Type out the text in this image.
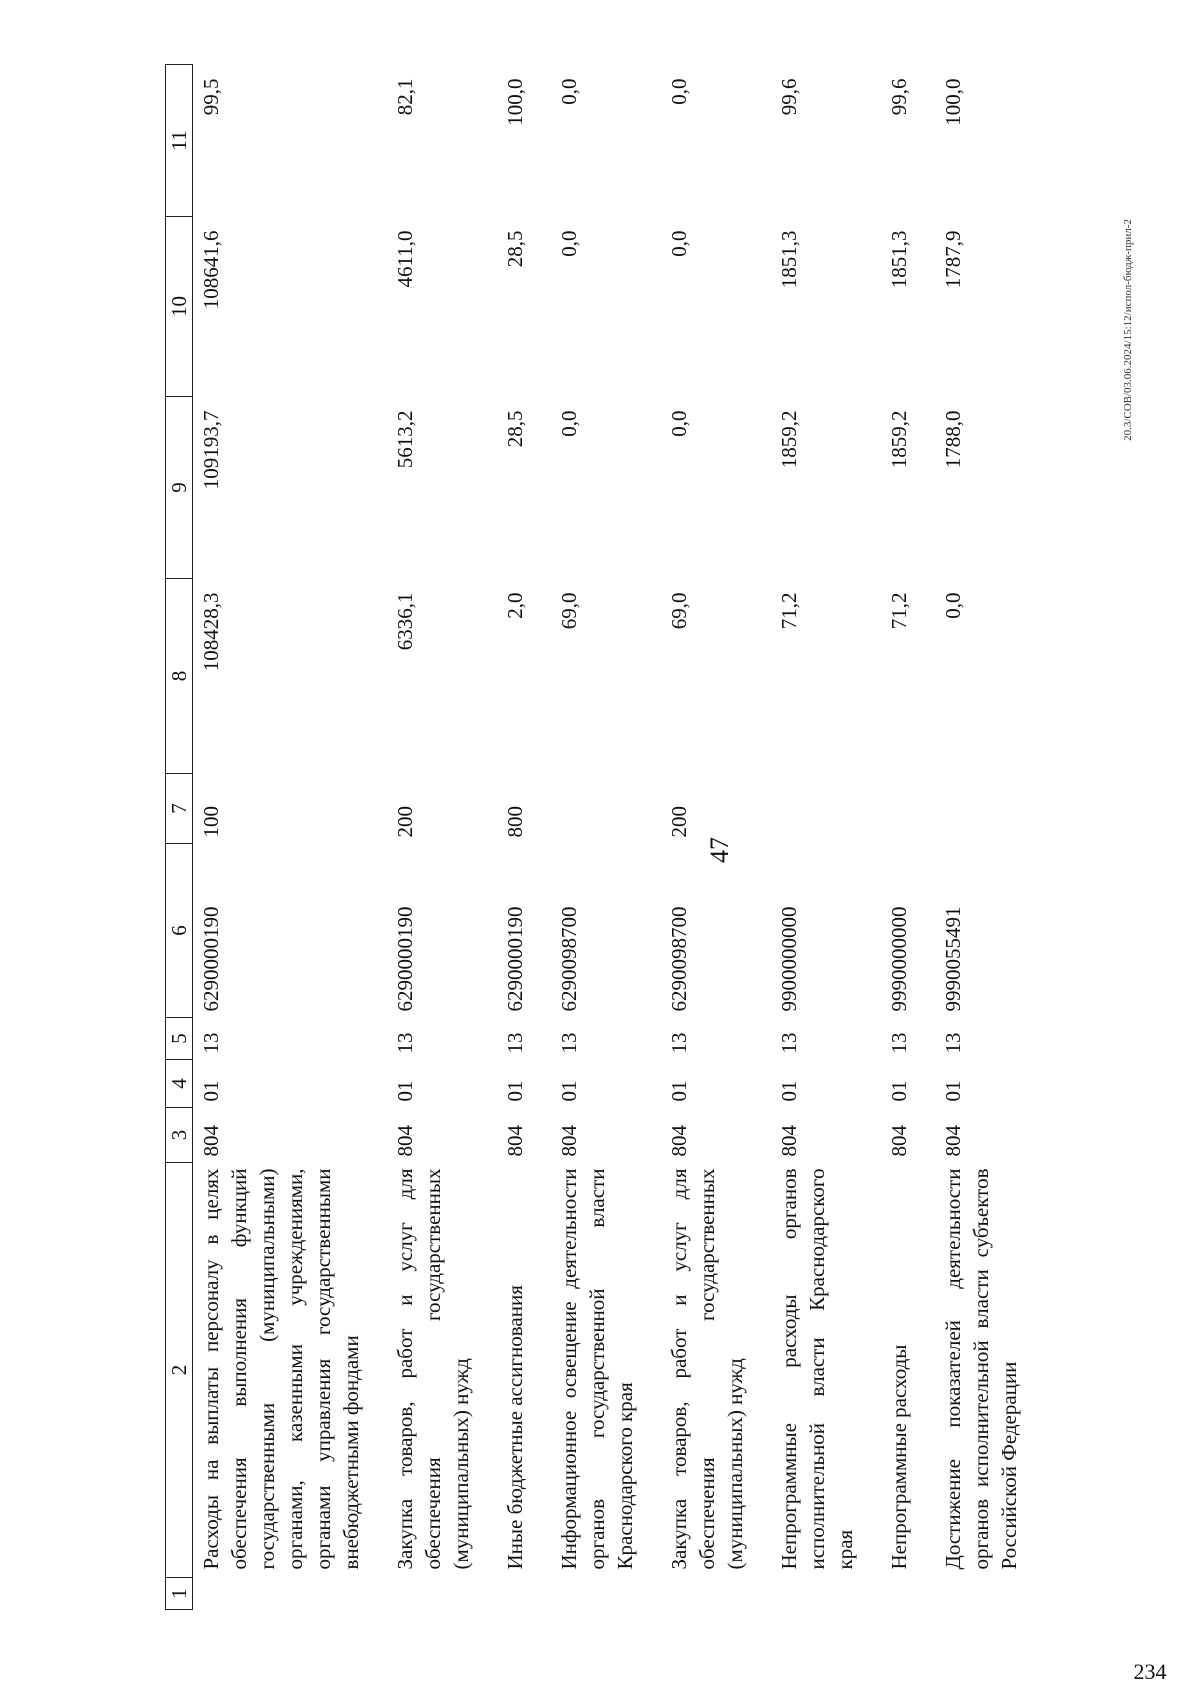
47
20.3/СОВ/03.06.2024/15:12/испол-бюдж-прил-2
234
1	2	3	4	5	6	7	8	9	10	11
	Расходы на выплаты персоналу в целях обеспечения выполнения функций государственными (муниципальными) органами, казенными учреждениями, органами управления государственными внебюджетными фондами	804	01	13	6290000190	100	108428,3	109193,7	108641,6	99,5
	Закупка товаров, работ и услуг для обеспечения государственных (муниципальных) нужд	804	01	13	6290000190	200	6336,1	5613,2	4611,0	82,1
	Иные бюджетные ассигнования	804	01	13	6290000190	800	2,0	28,5	28,5	100,0
	Информационное освещение деятельности органов государственной власти Краснодарского края	804	01	13	6290098700		69,0	0,0	0,0	0,0
	Закупка товаров, работ и услуг для обеспечения государственных (муниципальных) нужд	804	01	13	6290098700	200	69,0	0,0	0,0	0,0
	Непрограммные расходы органов исполнительной власти Краснодарского края	804	01	13	9900000000		71,2	1859,2	1851,3	99,6
	Непрограммные расходы	804	01	13	9990000000		71,2	1859,2	1851,3	99,6
	Достижение показателей деятельности органов исполнительной власти субъектов Российской Федерации	804	01	13	9990055491		0,0	1788,0	1787,9	100,0
